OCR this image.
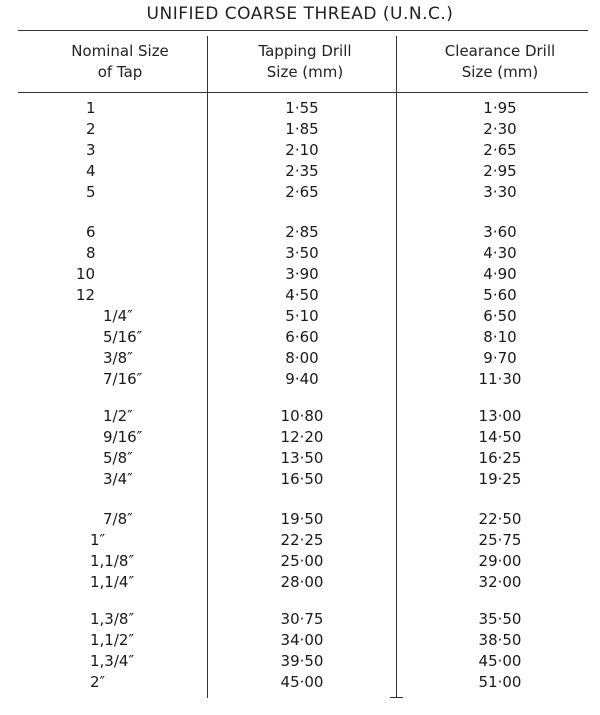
UNIFIED COARSE THREAD (U.N.C.)
Nominal Size
of Tap
Tapping Drill
Size (mm)
Clearance Drill
Size (mm)
1	1·55	1·95
2	1·85	2·30
3	2·10	2·65
4	2·35	2·95
5	2·65	3·30
6	2·85	3·60
8	3·50	4·30
10	3·90	4·90
12	4·50	5·60
1/4″	5·10	6·50
5/16″	6·60	8·10
3/8″	8·00	9·70
7/16″	9·40	11·30
1/2″	10·80	13·00
9/16″	12·20	14·50
5/8″	13·50	16·25
3/4″	16·50	19·25
7/8″	19·50	22·50
1″	22·25	25·75
1,1/8″	25·00	29·00
1,1/4″	28·00	32·00
1,3/8″	30·75	35·50
1,1/2″	34·00	38·50
1,3/4″	39·50	45·00
2″	45·00	51·00
